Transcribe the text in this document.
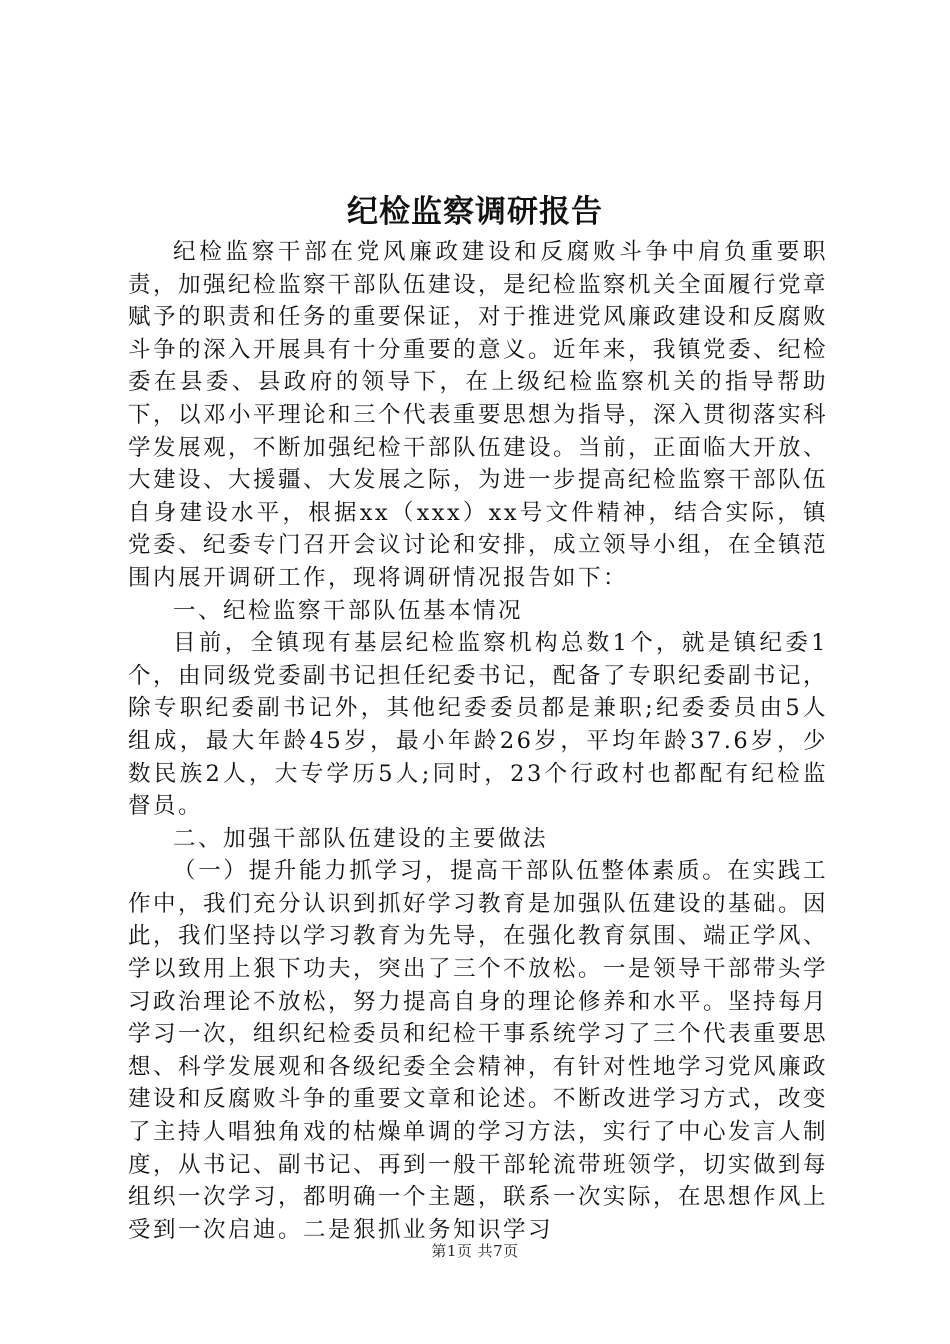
纪检监察调研报告

纪检监察干部在党风廉政建设和反腐败斗争中肩负重要职责，加强纪检监察干部队伍建设，是纪检监察机关全面履行党章赋予的职责和任务的重要保证，对于推进党风廉政建设和反腐败斗争的深入开展具有十分重要的意义。近年来，我镇党委、纪检委在县委、县政府的领导下，在上级纪检监察机关的指导帮助下，以邓小平理论和三个代表重要思想为指导，深入贯彻落实科学发展观，不断加强纪检干部队伍建设。当前，正面临大开放、大建设、大援疆、大发展之际，为进一步提高纪检监察干部队伍自身建设水平，根据xx（xxx）xx号文件精神，结合实际，镇党委、纪委专门召开会议讨论和安排，成立领导小组，在全镇范围内展开调研工作，现将调研情况报告如下：

一、纪检监察干部队伍基本情况

目前，全镇现有基层纪检监察机构总数1个，就是镇纪委1个，由同级党委副书记担任纪委书记，配备了专职纪委副书记，除专职纪委副书记外，其他纪委委员都是兼职;纪委委员由5人组成，最大年龄45岁，最小年龄26岁，平均年龄37.6岁，少数民族2人，大专学历5人;同时，23个行政村也都配有纪检监督员。

二、加强干部队伍建设的主要做法

（一）提升能力抓学习，提高干部队伍整体素质。在实践工作中，我们充分认识到抓好学习教育是加强队伍建设的基础。因此，我们坚持以学习教育为先导，在强化教育氛围、端正学风、学以致用上狠下功夫，突出了三个不放松。一是领导干部带头学习政治理论不放松，努力提高自身的理论修养和水平。坚持每月学习一次，组织纪检委员和纪检干事系统学习了三个代表重要思想、科学发展观和各级纪委全会精神，有针对性地学习党风廉政建设和反腐败斗争的重要文章和论述。不断改进学习方式，改变了主持人唱独角戏的枯燥单调的学习方法，实行了中心发言人制度，从书记、副书记、再到一般干部轮流带班领学，切实做到每组织一次学习，都明确一个主题，联系一次实际，在思想作风上受到一次启迪。二是狠抓业务知识学习

第1页 共7页
